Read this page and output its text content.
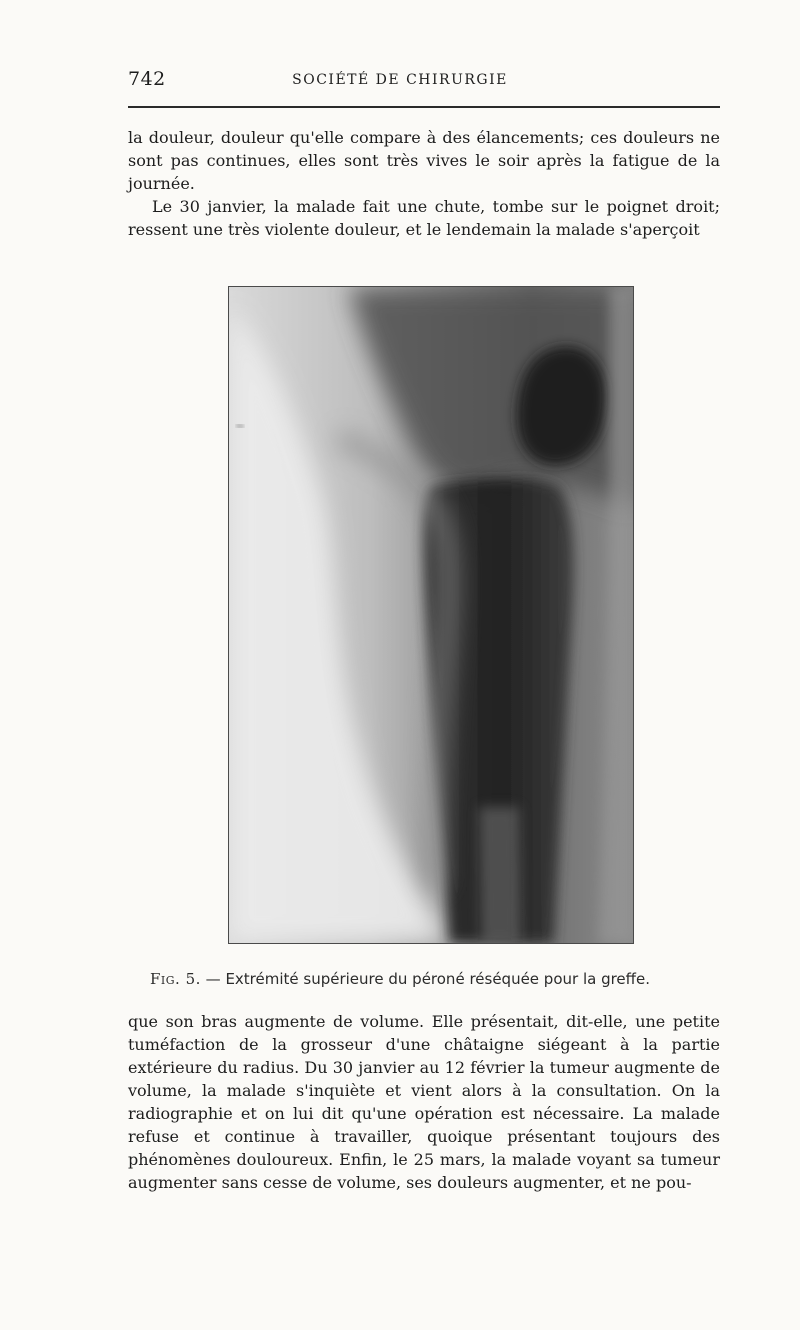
742	SOCIÉTÉ DE CHIRURGIE

la douleur, douleur qu'elle compare à des élancements; ces douleurs ne sont pas continues, elles sont très vives le soir après la fatigue de la journée.

Le 30 janvier, la malade fait une chute, tombe sur le poignet droit; ressent une très violente douleur, et le lendemain la malade s'aperçoit

Fig. 5. — Extrémité supérieure du péroné réséquée pour la greffe.

que son bras augmente de volume. Elle présentait, dit-elle, une petite tuméfaction de la grosseur d'une châtaigne siégeant à la partie extérieure du radius. Du 30 janvier au 12 février la tumeur augmente de volume, la malade s'inquiète et vient alors à la consultation. On la radiographie et on lui dit qu'une opération est nécessaire. La malade refuse et continue à travailler, quoique présentant toujours des phénomènes douloureux. Enfin, le 25 mars, la malade voyant sa tumeur augmenter sans cesse de volume, ses douleurs augmenter, et ne pou-
